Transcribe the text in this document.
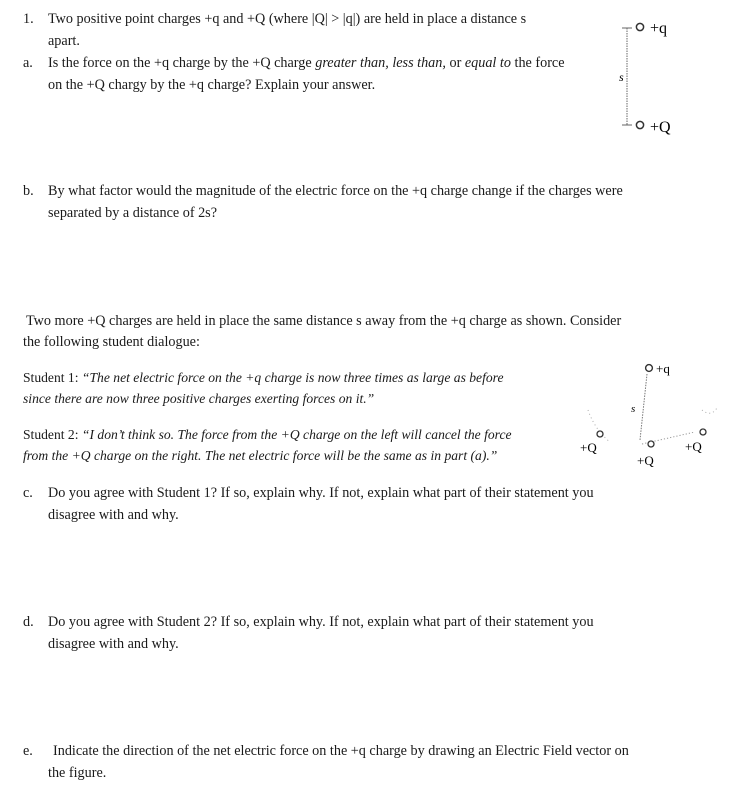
1. Two positive point charges +q and +Q (where |Q| > |q|) are held in place a distance s
apart.
a. Is the force on the +q charge by the +Q charge greater than, less than, or equal to the force
on the +Q chargy by the +q charge? Explain your answer.
+q
s
+Q
b. By what factor would the magnitude of the electric force on the +q charge change if the charges were
separated by a distance of 2s?
Two more +Q charges are held in place the same distance s away from the +q charge as shown. Consider
the following student dialogue:
Student 1: “The net electric force on the +q charge is now three times as large as before
since there are now three positive charges exerting forces on it.”
Student 2: “I don’t think so. The force from the +Q charge on the left will cancel the force
from the +Q charge on the right. The net electric force will be the same as in part (a).”
+q
s
+Q
+Q
+Q
c. Do you agree with Student 1? If so, explain why. If not, explain what part of their statement you
disagree with and why.
d. Do you agree with Student 2? If so, explain why. If not, explain what part of their statement you
disagree with and why.
e. Indicate the direction of the net electric force on the +q charge by drawing an Electric Field vector on
the figure.
